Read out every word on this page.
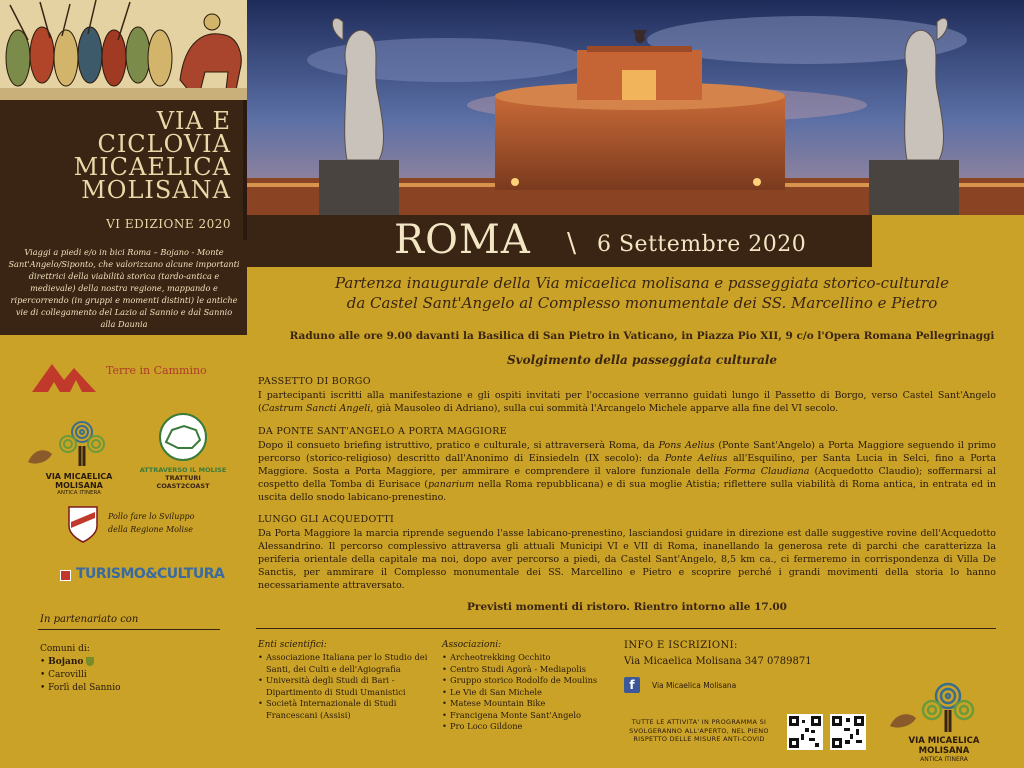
VIA E
CICLOVIA
MICAELICA
MOLISANA
VI EDIZIONE 2020
Viaggi a piedi e/o in bici Roma – Bojano - Monte Sant'Angelo/Siponto, che valorizzano alcune importanti direttrici della viabilità storica (tardo-antica e medievale) della nostra regione, mappando e ripercorrendo (in gruppi e momenti distinti) le antiche vie di collegamento del Lazio al Sannio e dal Sannio alla Daunia
Terre in Cammino
VIA MICAELICA MOLISANA
ANTICA ITINERA
ATTRAVERSO IL MOLISE
TRATTURI COAST2COAST
Pollo fare lo Sviluppo
della Regione Molise
TURISMO&CULTURA
In partenariato con
Comuni di:
• Bojano
• Carovilli
• Forlì del Sannio
ROMA \ 6 Settembre 2020
Partenza inaugurale della Via micaelica molisana e passeggiata storico-culturale
da Castel Sant'Angelo al Complesso monumentale dei SS. Marcellino e Pietro
Raduno alle ore 9.00 davanti la Basilica di San Pietro in Vaticano, in Piazza Pio XII, 9 c/o l'Opera Romana Pellegrinaggi
Svolgimento della passeggiata culturale
PASSETTO DI BORGO

I partecipanti iscritti alla manifestazione e gli ospiti invitati per l'occasione verranno guidati lungo il Passetto di Borgo, verso Castel Sant'Angelo (Castrum Sancti Angeli, già Mausoleo di Adriano), sulla cui sommità l'Arcangelo Michele apparve alla fine del VI secolo.

DA PONTE SANT'ANGELO A PORTA MAGGIORE

Dopo il consueto briefing istruttivo, pratico e culturale, si attraverserà Roma, da Pons Aelius (Ponte Sant'Angelo) a Porta Maggiore seguendo il primo percorso (storico-religioso) descritto dall'Anonimo di Einsiedeln (IX secolo): da Ponte Aelius all'Esquilino, per Santa Lucia in Selci, fino a Porta Maggiore. Sosta a Porta Maggiore, per ammirare e comprendere il valore funzionale della Forma Claudiana (Acquedotto Claudio); soffermarsi al cospetto della Tomba di Eurisace (panarium nella Roma repubblicana) e di sua moglie Atistia; riflettere sulla viabilità di Roma antica, in entrata ed in uscita dello snodo labicano-prenestino.

LUNGO GLI ACQUEDOTTI

Da Porta Maggiore la marcia riprende seguendo l'asse labicano-prenestino, lasciandosi guidare in direzione est dalle suggestive rovine dell'Acquedotto Alessandrino. Il percorso complessivo attraversa gli attuali Municipi VI e VII di Roma, inanellando la generosa rete di parchi che caratterizza la periferia orientale della capitale ma noi, dopo aver percorso a piedi, da Castel Sant'Angelo, 8,5 km ca., ci fermeremo in corrispondenza di Villa De Sanctis, per ammirare il Complesso monumentale dei SS. Marcellino e Pietro e scoprire perché i grandi movimenti della storia lo hanno necessariamente attraversato.

Previsti momenti di ristoro. Rientro intorno alle 17.00
Enti scientifici:
• Associazione Italiana per lo Studio dei Santi, dei Culti e dell'Agiografia
• Università degli Studi di Bari - Dipartimento di Studi Umanistici
• Società Internazionale di Studi Francescani (Assisi)
Associazioni:
• Archeotrekking Occhito
• Centro Studi Agorà - Mediapolis
• Gruppo storico Rodolfo de Moulins
• Le Vie di San Michele
• Matese Mountain Bike
• Francigena Monte Sant'Angelo
• Pro Loco Gildone
INFO E ISCRIZIONI:
Via Micaelica Molisana 347 0789871
f	Via Micaelica Molisana
TUTTE LE ATTIVITA' IN PROGRAMMA SI SVOLGERANNO ALL'APERTO, NEL PIENO RISPETTO DELLE MISURE ANTI-COVID	VIA MICAELICA MOLISANA
ANTICA ITINERA
